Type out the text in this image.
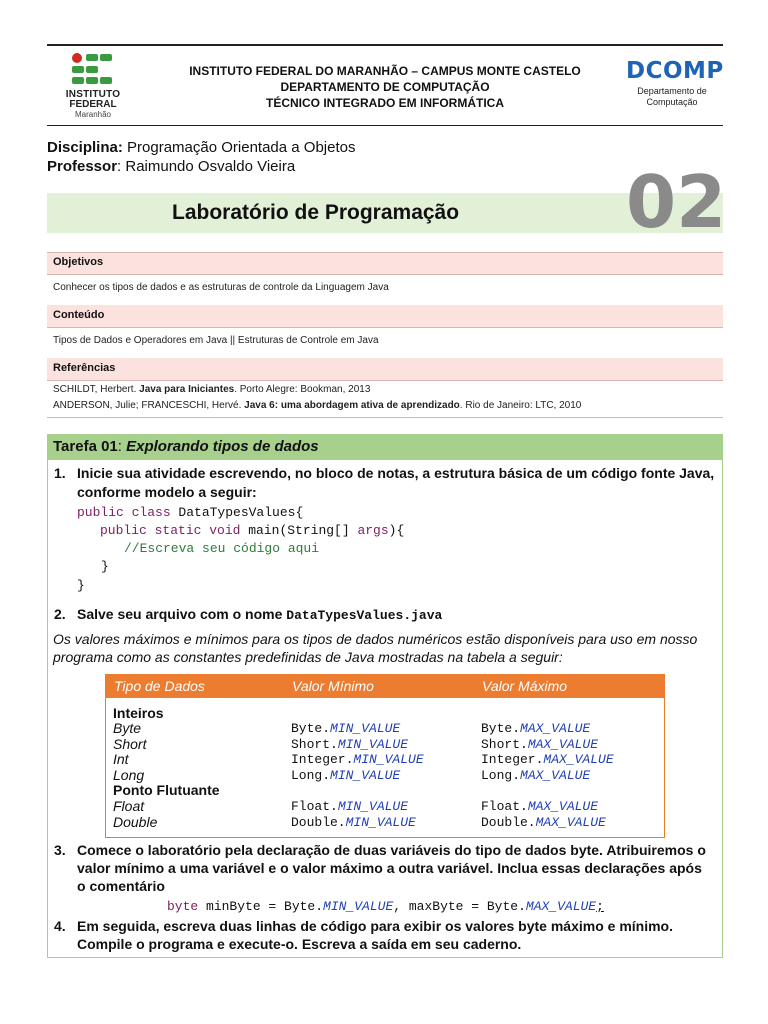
INSTITUTO
FEDERAL
Maranhão
INSTITUTO FEDERAL DO MARANHÃO – CAMPUS MONTE CASTELO
DEPARTAMENTO DE COMPUTAÇÃO
TÉCNICO INTEGRADO EM INFORMÁTICA
DCOMP
Departamento de
Computação
Disciplina: Programação Orientada a Objetos
Professor: Raimundo Osvaldo Vieira
Laboratório de Programação 02
Objetivos
Conhecer os tipos de dados e as estruturas de controle da Linguagem Java
Conteúdo
Tipos de Dados e Operadores em Java || Estruturas de Controle em Java
Referências
SCHILDT, Herbert. Java para Iniciantes. Porto Alegre: Bookman, 2013
ANDERSON, Julie; FRANCESCHI, Hervé. Java 6: uma abordagem ativa de aprendizado. Rio de Janeiro: LTC, 2010
Tarefa 01: Explorando tipos de dados
1. Inicie sua atividade escrevendo, no bloco de notas, a estrutura básica de um código fonte Java,
conforme modelo a seguir:
public class DataTypesValues{
public static void main(String[] args){
//Escreva seu código aqui
}
}
2. Salve seu arquivo com o nome DataTypesValues.java
Os valores máximos e mínimos para os tipos de dados numéricos estão disponíveis para uso em nosso
programa como as constantes predefinidas de Java mostradas na tabela a seguir:
Tipo de Dados	Valor Mínimo	Valor Máximo
Inteiros
Byte	Byte.MIN_VALUE	Byte.MAX_VALUE
Short	Short.MIN_VALUE	Short.MAX_VALUE
Int	Integer.MIN_VALUE	Integer.MAX_VALUE
Long	Long.MIN_VALUE	Long.MAX_VALUE
Ponto Flutuante
Float	Float.MIN_VALUE	Float.MAX_VALUE
Double	Double.MIN_VALUE	Double.MAX_VALUE
3. Comece o laboratório pela declaração de duas variáveis do tipo de dados byte. Atribuiremos o
valor mínimo a uma variável e o valor máximo a outra variável. Inclua essas declarações após
o comentário
byte minByte = Byte.MIN_VALUE, maxByte = Byte.MAX_VALUE;
4. Em seguida, escreva duas linhas de código para exibir os valores byte máximo e mínimo.
Compile o programa e execute-o. Escreva a saída em seu caderno.
